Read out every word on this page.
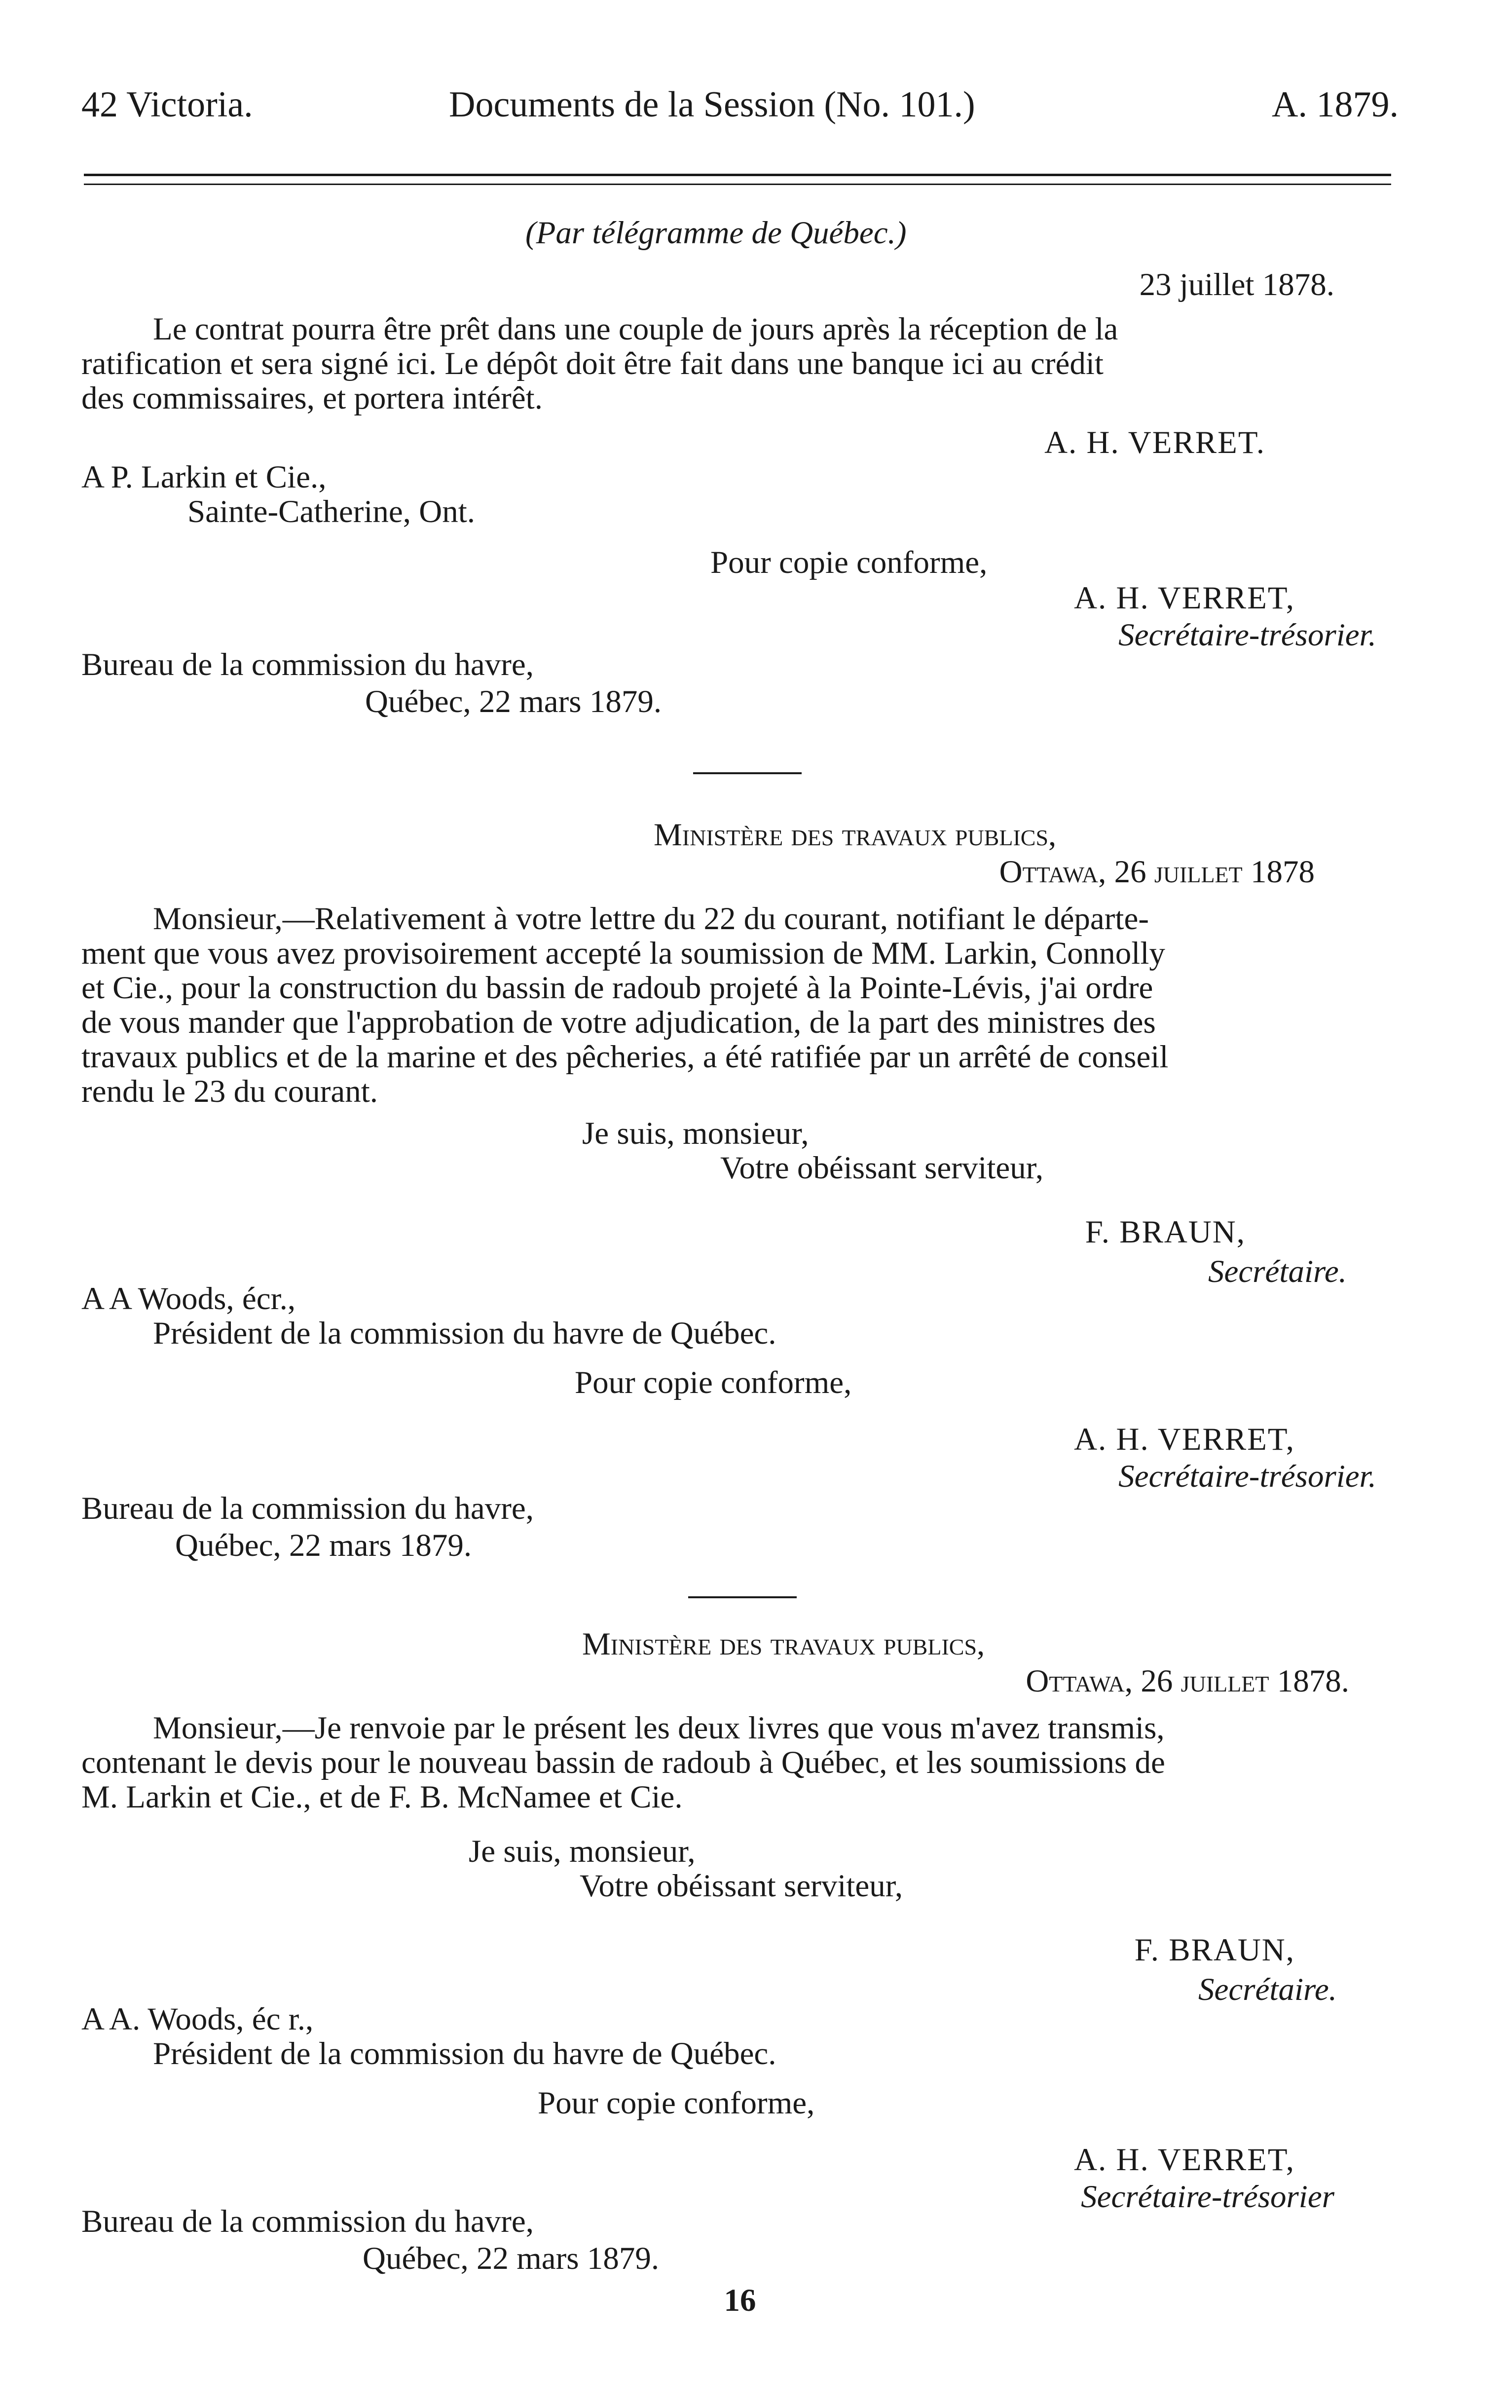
42 Victoria.	Documents de la Session (No. 101.)	A. 1879.
(Par télégramme de Québec.)
23 juillet 1878.
Le contrat pourra être prêt dans une couple de jours après la réception de la
ratification et sera signé ici. Le dépôt doit être fait dans une banque ici au crédit
des commissaires, et portera intérêt.
A. H. VERRET.
A P. Larkin et Cie.,
Sainte-Catherine, Ont.
Pour copie conforme,
A. H. VERRET,
Secrétaire-trésorier.
Bureau de la commission du havre,
Québec, 22 mars 1879.
Ministère des travaux publics,
Ottawa, 26 juillet 1878
Monsieur,—Relativement à votre lettre du 22 du courant, notifiant le départe-
ment que vous avez provisoirement accepté la soumission de MM. Larkin, Connolly
et Cie., pour la construction du bassin de radoub projeté à la Pointe-Lévis, j'ai ordre
de vous mander que l'approbation de votre adjudication, de la part des ministres des
travaux publics et de la marine et des pêcheries, a été ratifiée par un arrêté de conseil
rendu le 23 du courant.
Je suis, monsieur,
Votre obéissant serviteur,
F. BRAUN,
Secrétaire.
A A Woods, écr.,
Président de la commission du havre de Québec.
Pour copie conforme,
A. H. VERRET,
Secrétaire-trésorier.
Bureau de la commission du havre,
Québec, 22 mars 1879.
Ministère des travaux publics,
Ottawa, 26 juillet 1878.
Monsieur,—Je renvoie par le présent les deux livres que vous m'avez transmis,
contenant le devis pour le nouveau bassin de radoub à Québec, et les soumissions de
M. Larkin et Cie., et de F. B. McNamee et Cie.
Je suis, monsieur,
Votre obéissant serviteur,
F. BRAUN,
Secrétaire.
A A. Woods, éc r.,
Président de la commission du havre de Québec.
Pour copie conforme,
A. H. VERRET,
Secrétaire-trésorier
Bureau de la commission du havre,
Québec, 22 mars 1879.
16
